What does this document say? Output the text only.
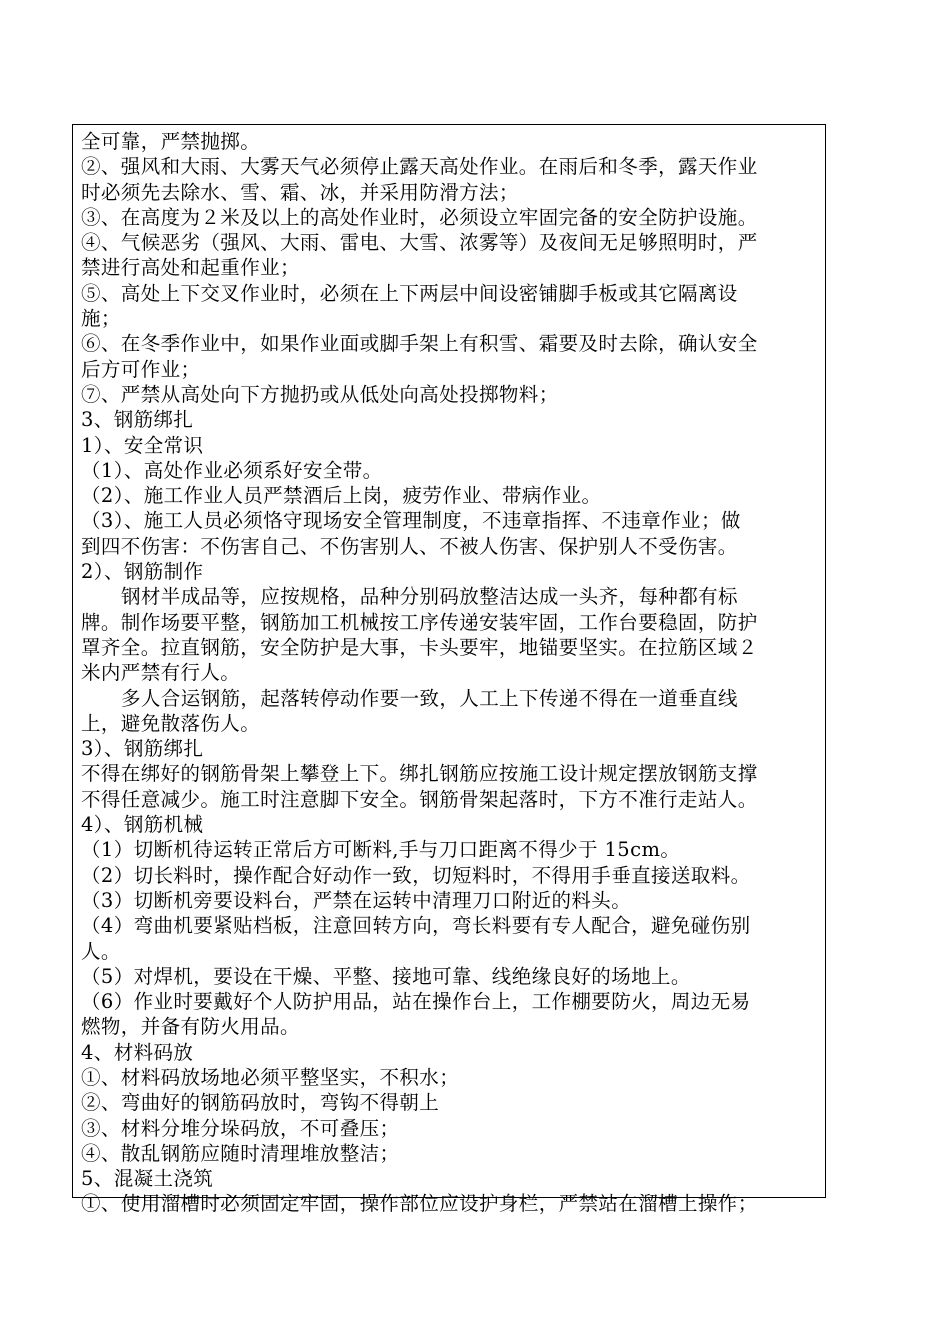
全可靠，严禁抛掷。
②、强风和大雨、大雾天气必须停止露天高处作业。在雨后和冬季，露天作业
时必须先去除水、雪、霜、冰，并采用防滑方法；
③、在高度为２米及以上的高处作业时，必须设立牢固完备的安全防护设施。
④、气候恶劣（强风、大雨、雷电、大雪、浓雾等）及夜间无足够照明时，严
禁进行高处和起重作业；
⑤、高处上下交叉作业时，必须在上下两层中间设密铺脚手板或其它隔离设
施；
⑥、在冬季作业中，如果作业面或脚手架上有积雪、霜要及时去除，确认安全
后方可作业；
⑦、严禁从高处向下方抛扔或从低处向高处投掷物料；
3、钢筋绑扎
1）、安全常识
（1）、高处作业必须系好安全带。
（2）、施工作业人员严禁酒后上岗，疲劳作业、带病作业。
（3）、施工人员必须恪守现场安全管理制度，不违章指挥、不违章作业；做
到四不伤害：不伤害自己、不伤害别人、不被人伤害、保护别人不受伤害。
2）、钢筋制作
钢材半成品等，应按规格，品种分别码放整洁达成一头齐，每种都有标
牌。制作场要平整，钢筋加工机械按工序传递安装牢固，工作台要稳固，防护
罩齐全。拉直钢筋，安全防护是大事，卡头要牢，地锚要坚实。在拉筋区域２
米内严禁有行人。
多人合运钢筋，起落转停动作要一致，人工上下传递不得在一道垂直线
上，避免散落伤人。
3）、钢筋绑扎
不得在绑好的钢筋骨架上攀登上下。绑扎钢筋应按施工设计规定摆放钢筋支撑
不得任意减少。施工时注意脚下安全。钢筋骨架起落时，下方不准行走站人。
4）、钢筋机械
（1）切断机待运转正常后方可断料,手与刀口距离不得少于 15cm。
（2）切长料时，操作配合好动作一致，切短料时，不得用手垂直接送取料。
（3）切断机旁要设料台，严禁在运转中清理刀口附近的料头。
（4）弯曲机要紧贴档板，注意回转方向，弯长料要有专人配合，避免碰伤别
人。
（5）对焊机，要设在干燥、平整、接地可靠、线绝缘良好的场地上。
（6）作业时要戴好个人防护用品，站在操作台上，工作棚要防火，周边无易
燃物，并备有防火用品。
4、材料码放
①、材料码放场地必须平整坚实，不积水；
②、弯曲好的钢筋码放时，弯钩不得朝上
③、材料分堆分垛码放，不可叠压；
④、散乱钢筋应随时清理堆放整洁；
5、混凝土浇筑
①、使用溜槽时必须固定牢固，操作部位应设护身栏，严禁站在溜槽上操作；
